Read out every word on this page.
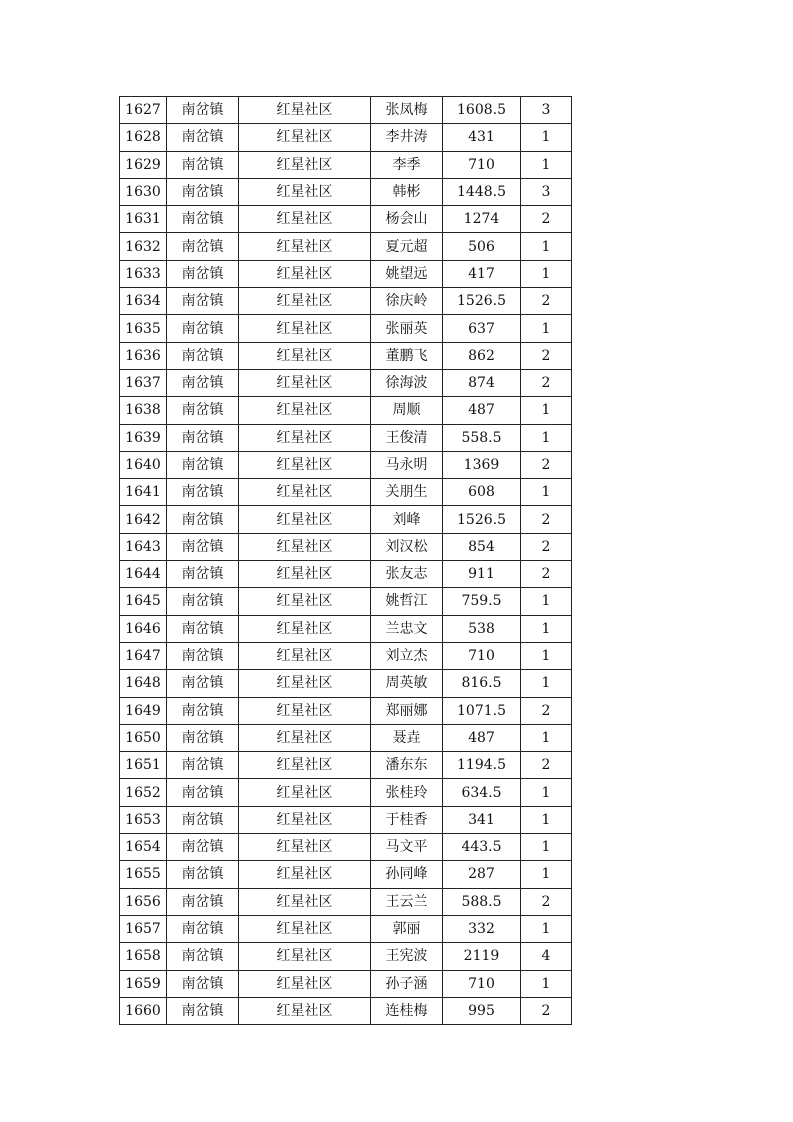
1627	南岔镇	红星社区	张凤梅	1608.5	3
1628	南岔镇	红星社区	李井涛	431	1
1629	南岔镇	红星社区	李季	710	1
1630	南岔镇	红星社区	韩彬	1448.5	3
1631	南岔镇	红星社区	杨会山	1274	2
1632	南岔镇	红星社区	夏元超	506	1
1633	南岔镇	红星社区	姚望远	417	1
1634	南岔镇	红星社区	徐庆岭	1526.5	2
1635	南岔镇	红星社区	张丽英	637	1
1636	南岔镇	红星社区	董鹏飞	862	2
1637	南岔镇	红星社区	徐海波	874	2
1638	南岔镇	红星社区	周顺	487	1
1639	南岔镇	红星社区	王俊清	558.5	1
1640	南岔镇	红星社区	马永明	1369	2
1641	南岔镇	红星社区	关朋生	608	1
1642	南岔镇	红星社区	刘峰	1526.5	2
1643	南岔镇	红星社区	刘汉松	854	2
1644	南岔镇	红星社区	张友志	911	2
1645	南岔镇	红星社区	姚哲江	759.5	1
1646	南岔镇	红星社区	兰忠文	538	1
1647	南岔镇	红星社区	刘立杰	710	1
1648	南岔镇	红星社区	周英敏	816.5	1
1649	南岔镇	红星社区	郑丽娜	1071.5	2
1650	南岔镇	红星社区	聂垚	487	1
1651	南岔镇	红星社区	潘东东	1194.5	2
1652	南岔镇	红星社区	张桂玲	634.5	1
1653	南岔镇	红星社区	于桂香	341	1
1654	南岔镇	红星社区	马文平	443.5	1
1655	南岔镇	红星社区	孙同峰	287	1
1656	南岔镇	红星社区	王云兰	588.5	2
1657	南岔镇	红星社区	郭丽	332	1
1658	南岔镇	红星社区	王宪波	2119	4
1659	南岔镇	红星社区	孙子涵	710	1
1660	南岔镇	红星社区	连桂梅	995	2
